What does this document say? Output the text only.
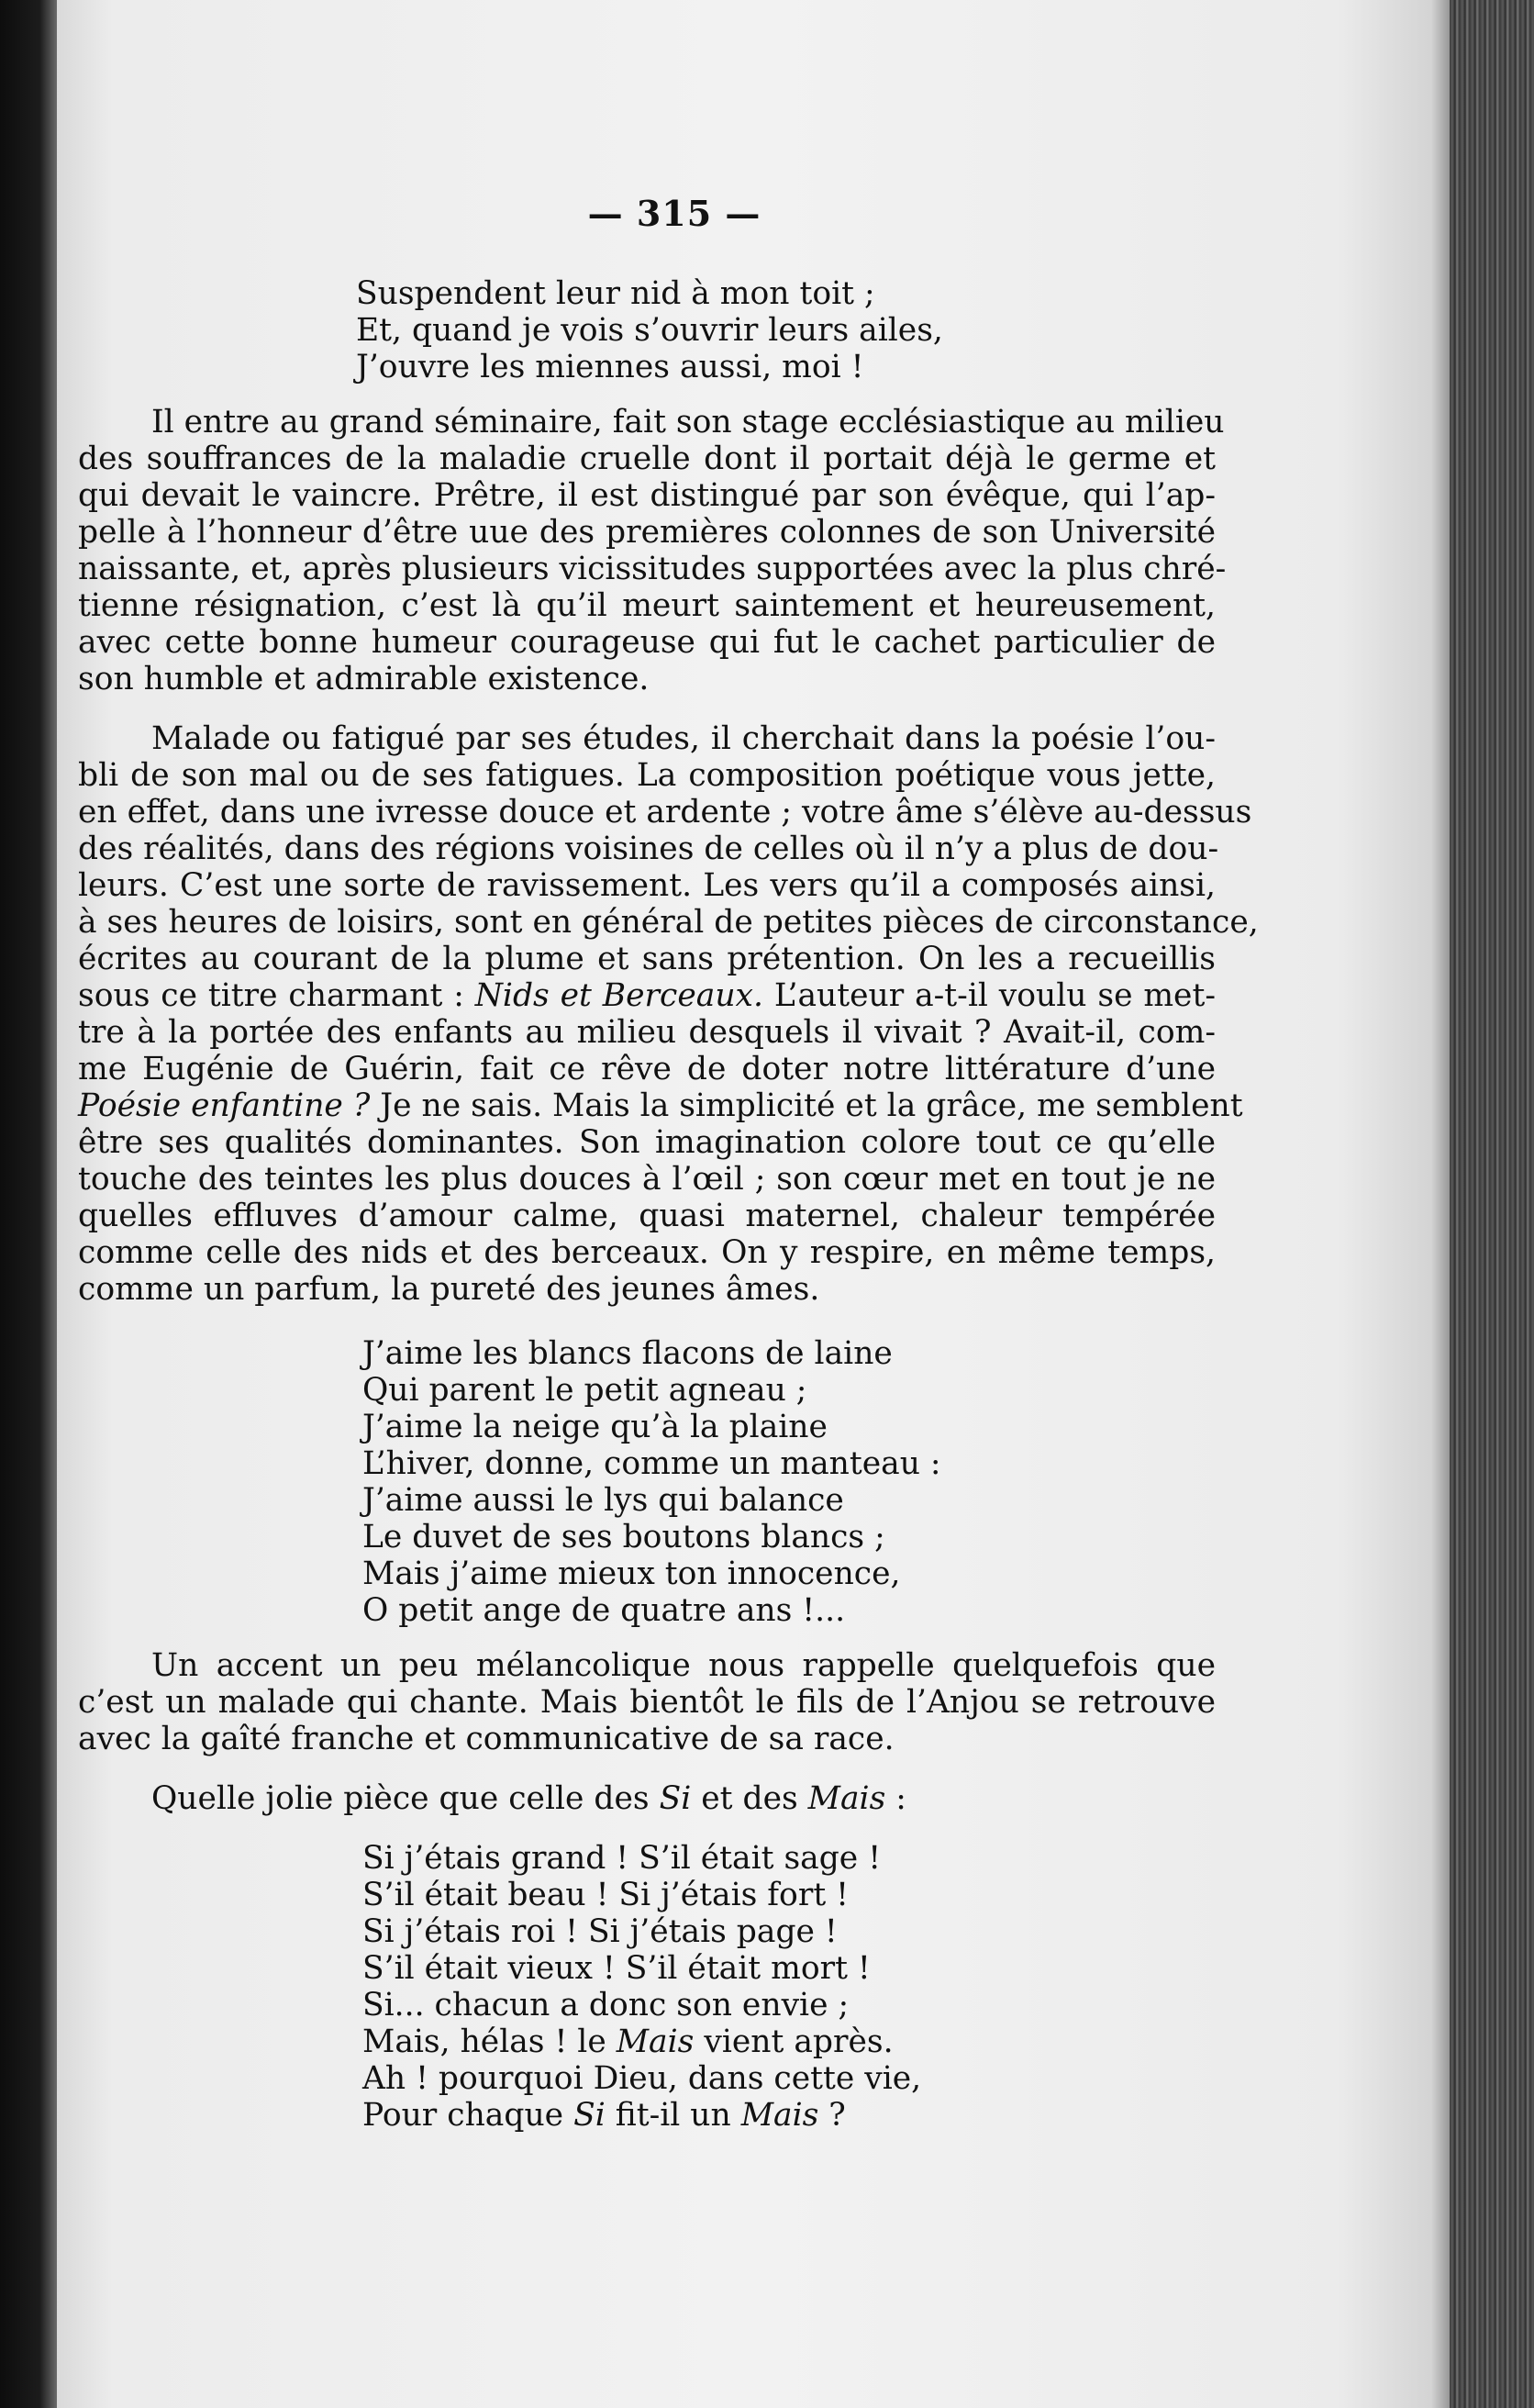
— 315 —
Suspendent leur nid à mon toit ;
Et, quand je vois s’ouvrir leurs ailes,
J’ouvre les miennes aussi, moi !
Il entre au grand séminaire, fait son stage ecclésiastique au milieu
des souffrances de la maladie cruelle dont il portait déjà le germe et
qui devait le vaincre. Prêtre, il est distingué par son évêque, qui l’ap-
pelle à l’honneur d’être uue des premières colonnes de son Université
naissante, et, après plusieurs vicissitudes supportées avec la plus chré-
tienne résignation, c’est là qu’il meurt saintement et heureusement,
avec cette bonne humeur courageuse qui fut le cachet particulier de
son humble et admirable existence.
Malade ou fatigué par ses études, il cherchait dans la poésie l’ou-
bli de son mal ou de ses fatigues. La composition poétique vous jette,
en effet, dans une ivresse douce et ardente ; votre âme s’élève au-dessus
des réalités, dans des régions voisines de celles où il n’y a plus de dou-
leurs. C’est une sorte de ravissement. Les vers qu’il a composés ainsi,
à ses heures de loisirs, sont en général de petites pièces de circonstance,
écrites au courant de la plume et sans prétention. On les a recueillis
sous ce titre charmant : Nids et Berceaux. L’auteur a-t-il voulu se met-
tre à la portée des enfants au milieu desquels il vivait ? Avait-il, com-
me Eugénie de Guérin, fait ce rêve de doter notre littérature d’une
Poésie enfantine ? Je ne sais. Mais la simplicité et la grâce, me semblent
être ses qualités dominantes. Son imagination colore tout ce qu’elle
touche des teintes les plus douces à l’œil ; son cœur met en tout je ne
quelles effluves d’amour calme, quasi maternel, chaleur tempérée
comme celle des nids et des berceaux. On y respire, en même temps,
comme un parfum, la pureté des jeunes âmes.
J’aime les blancs flacons de laine
Qui parent le petit agneau ;
J’aime la neige qu’à la plaine
L’hiver, donne, comme un manteau :
J’aime aussi le lys qui balance
Le duvet de ses boutons blancs ;
Mais j’aime mieux ton innocence,
O petit ange de quatre ans !...
Un accent un peu mélancolique nous rappelle quelquefois que
c’est un malade qui chante. Mais bientôt le fils de l’Anjou se retrouve
avec la gaîté franche et communicative de sa race.
Quelle jolie pièce que celle des Si et des Mais :
Si j’étais grand ! S’il était sage !
S’il était beau ! Si j’étais fort !
Si j’étais roi ! Si j’étais page !
S’il était vieux ! S’il était mort !
Si... chacun a donc son envie ;
Mais, hélas ! le Mais vient après.
Ah ! pourquoi Dieu, dans cette vie,
Pour chaque Si fit-il un Mais ?
